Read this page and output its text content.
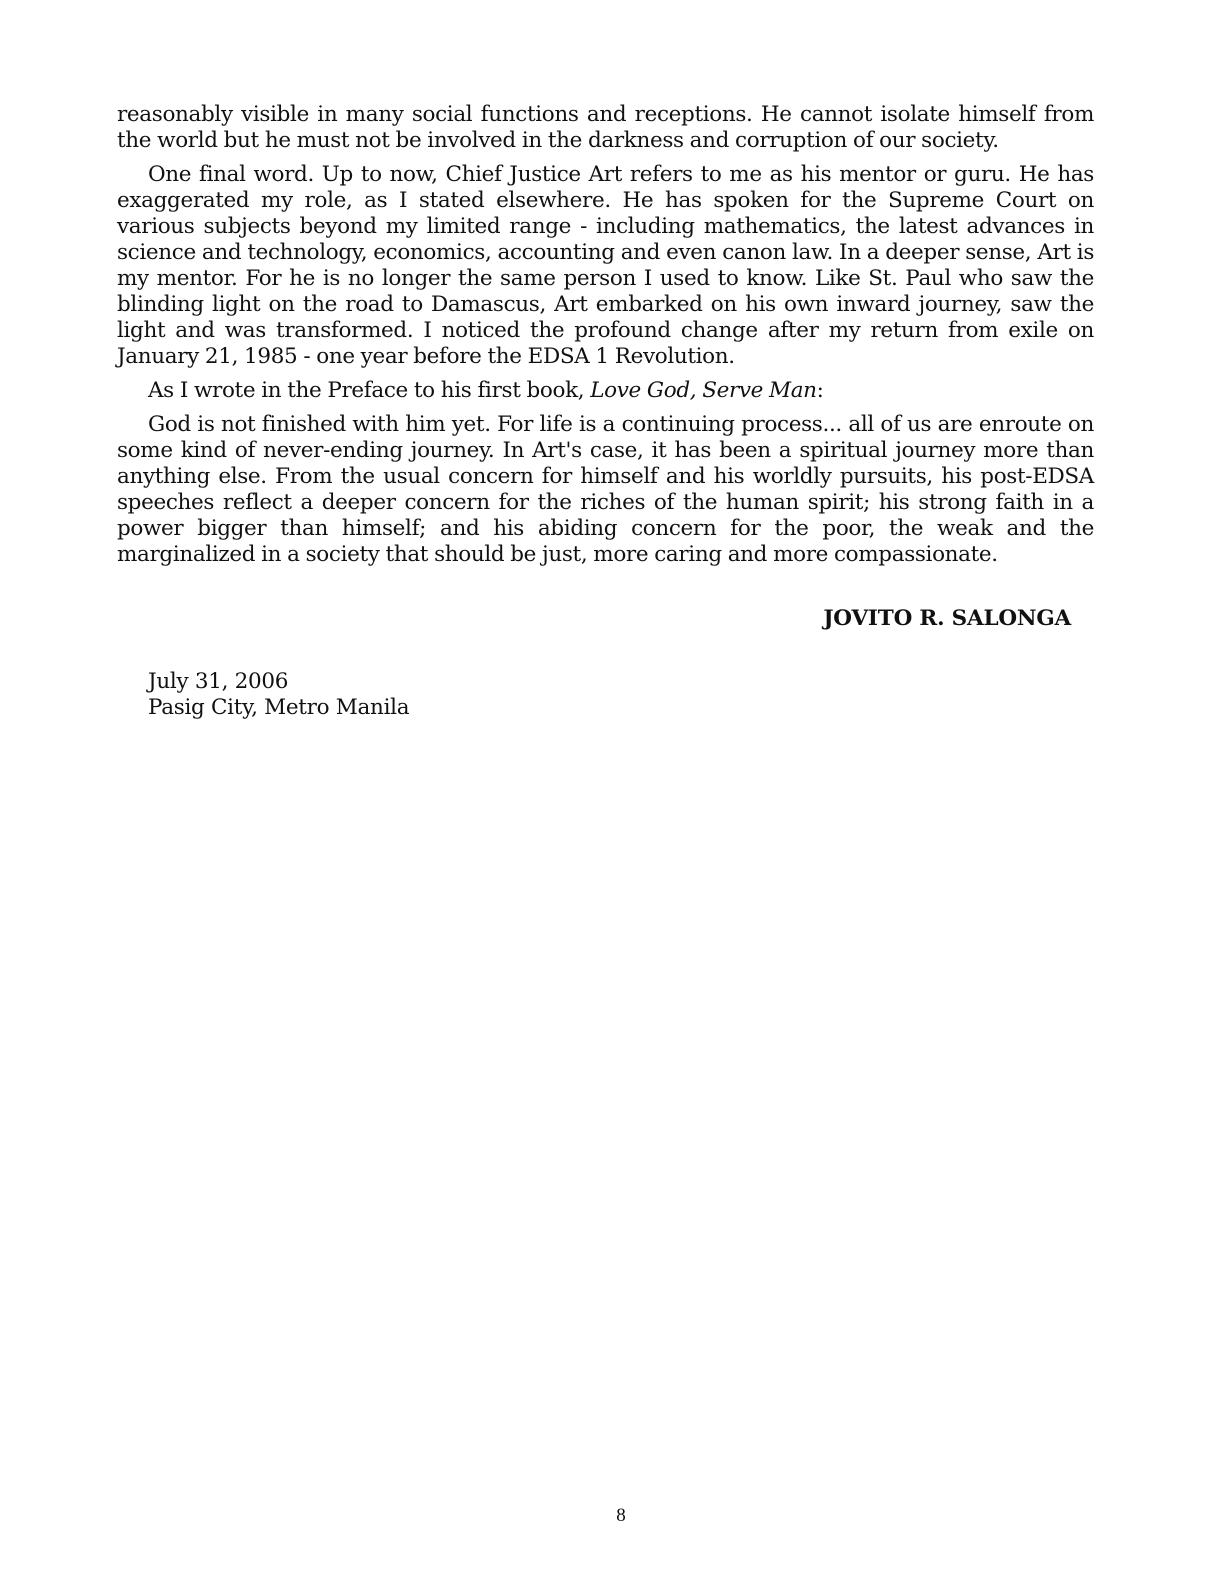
reasonably visible in many social functions and receptions. He cannot isolate himself from the world but he must not be involved in the darkness and corruption of our society.

One final word. Up to now, Chief Justice Art refers to me as his mentor or guru. He has exaggerated my role, as I stated elsewhere. He has spoken for the Supreme Court on various subjects beyond my limited range - including mathematics, the latest advances in science and technology, economics, accounting and even canon law. In a deeper sense, Art is my mentor. For he is no longer the same person I used to know. Like St. Paul who saw the blinding light on the road to Damascus, Art embarked on his own inward journey, saw the light and was transformed. I noticed the profound change after my return from exile on January 21, 1985 - one year before the EDSA 1 Revolution.

As I wrote in the Preface to his first book, Love God, Serve Man:

God is not finished with him yet. For life is a continuing process... all of us are enroute on some kind of never-ending journey. In Art's case, it has been a spiritual journey more than anything else. From the usual concern for himself and his worldly pursuits, his post-EDSA speeches reflect a deeper concern for the riches of the human spirit; his strong faith in a power bigger than himself; and his abiding concern for the poor, the weak and the marginalized in a society that should be just, more caring and more compassionate.

JOVITO R. SALONGA
July 31, 2006
Pasig City, Metro Manila
8
